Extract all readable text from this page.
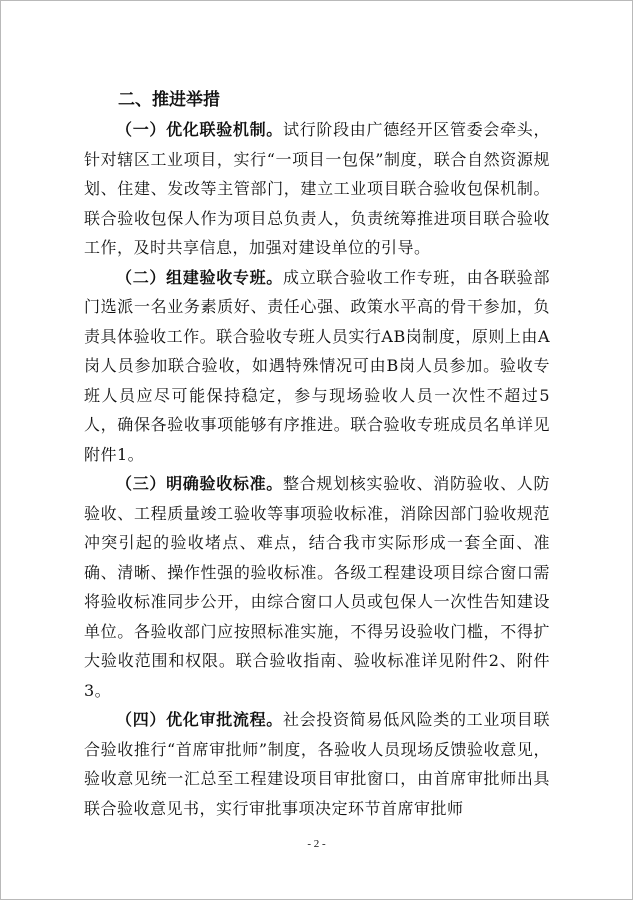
二、推进举措

（一）优化联验机制。试行阶段由广德经开区管委会牵头，针对辖区工业项目，实行“一项目一包保”制度，联合自然资源规划、住建、发改等主管部门，建立工业项目联合验收包保机制。联合验收包保人作为项目总负责人，负责统筹推进项目联合验收工作，及时共享信息，加强对建设单位的引导。

（二）组建验收专班。成立联合验收工作专班，由各联验部门选派一名业务素质好、责任心强、政策水平高的骨干参加，负责具体验收工作。联合验收专班人员实行AB岗制度，原则上由A岗人员参加联合验收，如遇特殊情况可由B岗人员参加。验收专班人员应尽可能保持稳定，参与现场验收人员一次性不超过5人，确保各验收事项能够有序推进。联合验收专班成员名单详见附件1。

（三）明确验收标准。整合规划核实验收、消防验收、人防验收、工程质量竣工验收等事项验收标准，消除因部门验收规范冲突引起的验收堵点、难点，结合我市实际形成一套全面、准确、清晰、操作性强的验收标准。各级工程建设项目综合窗口需将验收标准同步公开，由综合窗口人员或包保人一次性告知建设单位。各验收部门应按照标准实施，不得另设验收门槛，不得扩大验收范围和权限。联合验收指南、验收标准详见附件2、附件3。

（四）优化审批流程。社会投资简易低风险类的工业项目联合验收推行“首席审批师”制度，各验收人员现场反馈验收意见，验收意见统一汇总至工程建设项目审批窗口，由首席审批师出具联合验收意见书，实行审批事项决定环节首席审批师

- 2 -
